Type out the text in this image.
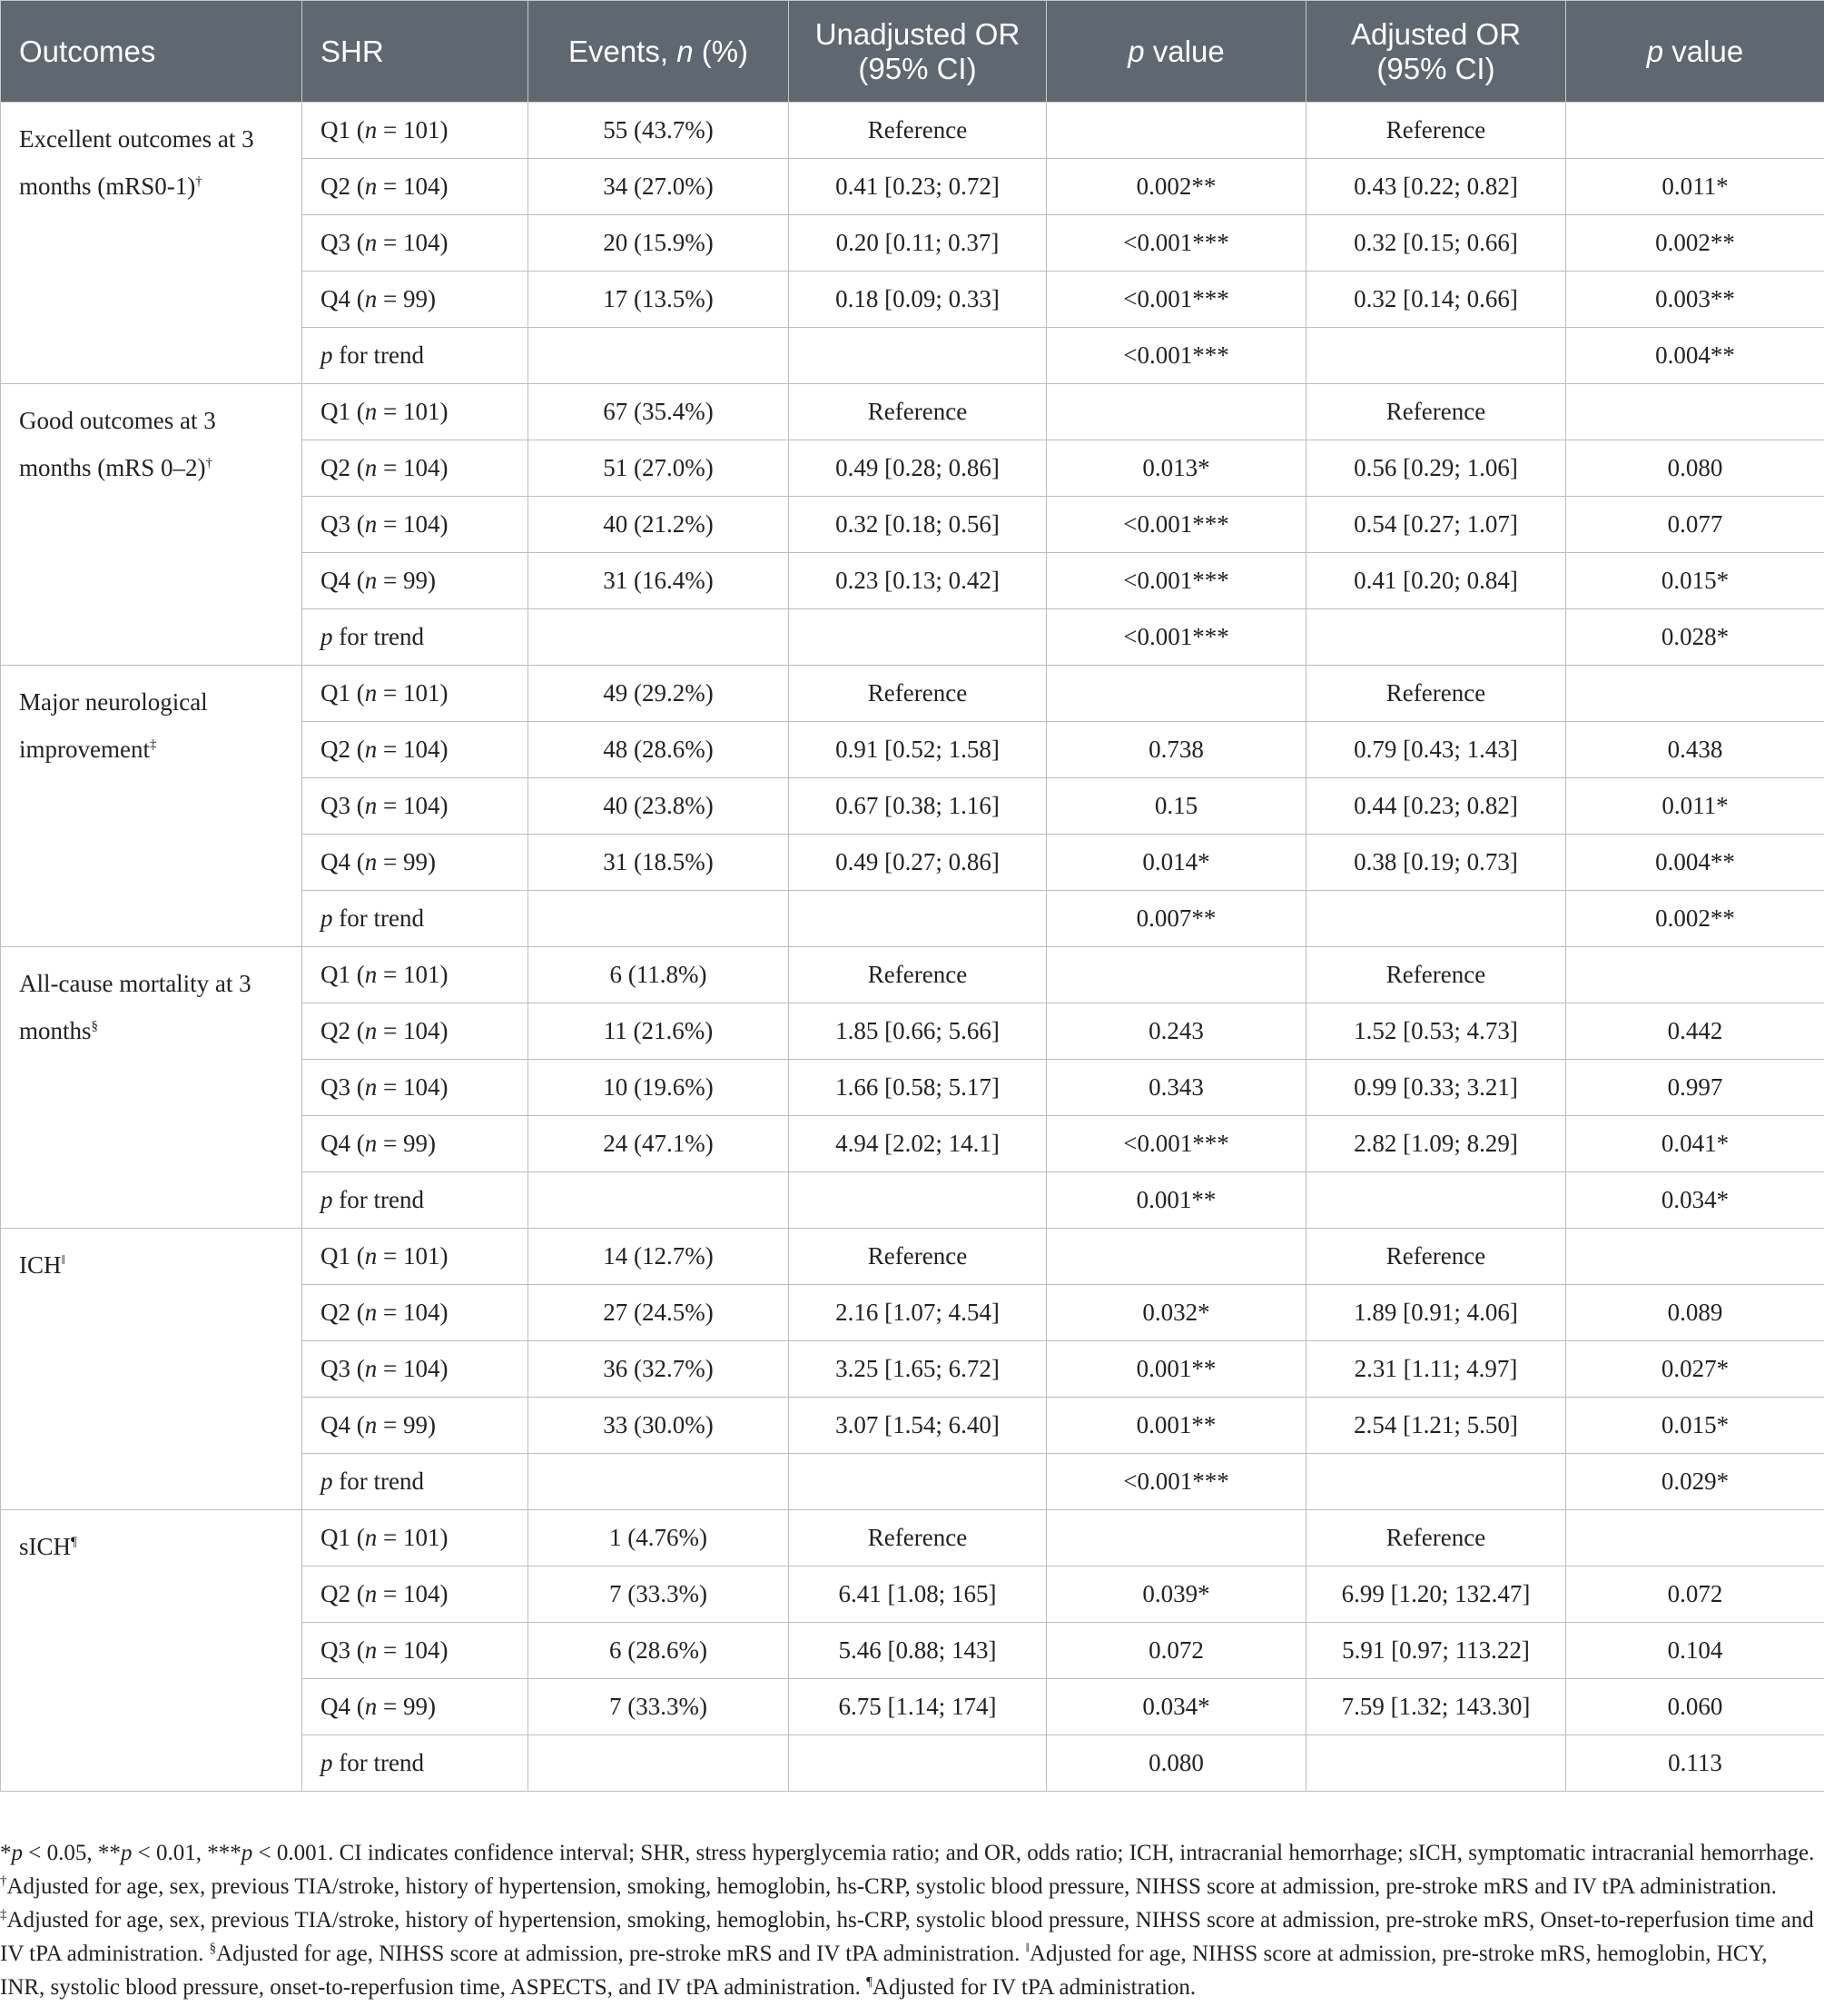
Outcomes	SHR	Events, n (%)	Unadjusted OR (95% CI)	p value	Adjusted OR (95% CI)	p value
Excellent outcomes at 3 months (mRS0-1)†	Q1 (n = 101)	55 (43.7%)	Reference		Reference	
	Q2 (n = 104)	34 (27.0%)	0.41 [0.23; 0.72]	0.002**	0.43 [0.22; 0.82]	0.011*
	Q3 (n = 104)	20 (15.9%)	0.20 [0.11; 0.37]	<0.001***	0.32 [0.15; 0.66]	0.002**
	Q4 (n = 99)	17 (13.5%)	0.18 [0.09; 0.33]	<0.001***	0.32 [0.14; 0.66]	0.003**
	p for trend			<0.001***		0.004**
Good outcomes at 3 months (mRS 0–2)†	Q1 (n = 101)	67 (35.4%)	Reference		Reference	
	Q2 (n = 104)	51 (27.0%)	0.49 [0.28; 0.86]	0.013*	0.56 [0.29; 1.06]	0.080
	Q3 (n = 104)	40 (21.2%)	0.32 [0.18; 0.56]	<0.001***	0.54 [0.27; 1.07]	0.077
	Q4 (n = 99)	31 (16.4%)	0.23 [0.13; 0.42]	<0.001***	0.41 [0.20; 0.84]	0.015*
	p for trend			<0.001***		0.028*
Major neurological improvement‡	Q1 (n = 101)	49 (29.2%)	Reference		Reference	
	Q2 (n = 104)	48 (28.6%)	0.91 [0.52; 1.58]	0.738	0.79 [0.43; 1.43]	0.438
	Q3 (n = 104)	40 (23.8%)	0.67 [0.38; 1.16]	0.15	0.44 [0.23; 0.82]	0.011*
	Q4 (n = 99)	31 (18.5%)	0.49 [0.27; 0.86]	0.014*	0.38 [0.19; 0.73]	0.004**
	p for trend			0.007**		0.002**
All-cause mortality at 3 months§	Q1 (n = 101)	6 (11.8%)	Reference		Reference	
	Q2 (n = 104)	11 (21.6%)	1.85 [0.66; 5.66]	0.243	1.52 [0.53; 4.73]	0.442
	Q3 (n = 104)	10 (19.6%)	1.66 [0.58; 5.17]	0.343	0.99 [0.33; 3.21]	0.997
	Q4 (n = 99)	24 (47.1%)	4.94 [2.02; 14.1]	<0.001***	2.82 [1.09; 8.29]	0.041*
	p for trend			0.001**		0.034*
ICH‖	Q1 (n = 101)	14 (12.7%)	Reference		Reference	
	Q2 (n = 104)	27 (24.5%)	2.16 [1.07; 4.54]	0.032*	1.89 [0.91; 4.06]	0.089
	Q3 (n = 104)	36 (32.7%)	3.25 [1.65; 6.72]	0.001**	2.31 [1.11; 4.97]	0.027*
	Q4 (n = 99)	33 (30.0%)	3.07 [1.54; 6.40]	0.001**	2.54 [1.21; 5.50]	0.015*
	p for trend			<0.001***		0.029*
sICH¶	Q1 (n = 101)	1 (4.76%)	Reference		Reference	
	Q2 (n = 104)	7 (33.3%)	6.41 [1.08; 165]	0.039*	6.99 [1.20; 132.47]	0.072
	Q3 (n = 104)	6 (28.6%)	5.46 [0.88; 143]	0.072	5.91 [0.97; 113.22]	0.104
	Q4 (n = 99)	7 (33.3%)	6.75 [1.14; 174]	0.034*	7.59 [1.32; 143.30]	0.060
	p for trend			0.080		0.113

*p < 0.05, **p < 0.01, ***p < 0.001. CI indicates confidence interval; SHR, stress hyperglycemia ratio; and OR, odds ratio; ICH, intracranial hemorrhage; sICH, symptomatic intracranial hemorrhage. †Adjusted for age, sex, previous TIA/stroke, history of hypertension, smoking, hemoglobin, hs-CRP, systolic blood pressure, NIHSS score at admission, pre-stroke mRS and IV tPA administration. ‡Adjusted for age, sex, previous TIA/stroke, history of hypertension, smoking, hemoglobin, hs-CRP, systolic blood pressure, NIHSS score at admission, pre-stroke mRS, Onset-to-reperfusion time and IV tPA administration. §Adjusted for age, NIHSS score at admission, pre-stroke mRS and IV tPA administration. ‖Adjusted for age, NIHSS score at admission, pre-stroke mRS, hemoglobin, HCY, INR, systolic blood pressure, onset-to-reperfusion time, ASPECTS, and IV tPA administration. ¶Adjusted for IV tPA administration.
